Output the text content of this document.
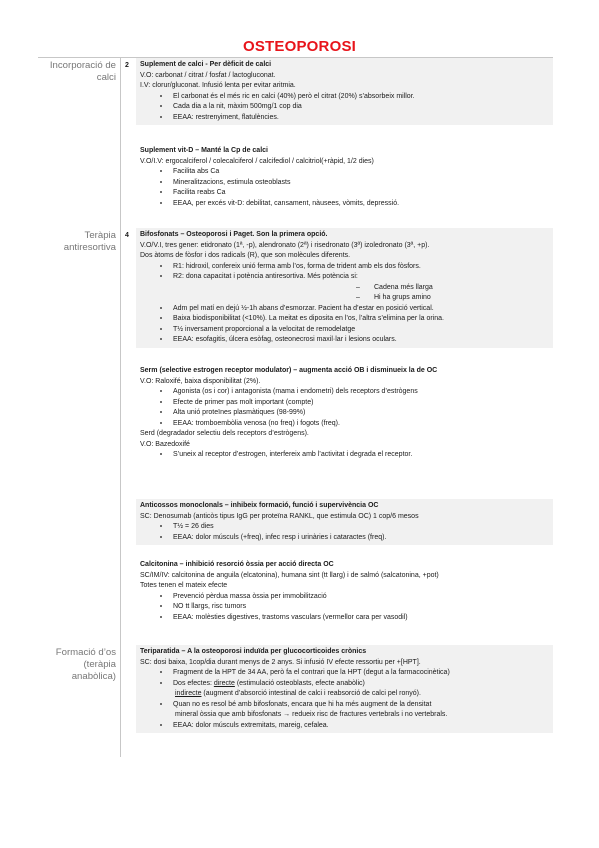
OSTEOPOROSI
Incorporació de calci
2 Suplement de calci - Per dèficit de calci
V.O: carbonat / citrat / fosfat / lactogluconat.
I.V: clorur/gluconat. Infusió lenta per evitar aritmia.
El carbonat és el més ric en calci (40%) però el citrat (20%) s’absorbeix millor.
Cada dia a la nit, màxim 500mg/1 cop dia
EEAA: restrenyiment, flatulències.
Suplement vit-D – Manté la Cp de calci
V.O/I.V: ergocalciferol / colecalciferol / calcifediol / calcitriol(+ràpid, 1/2 dies)
Facilita abs Ca
Mineralitzacions, estimula osteoblasts
Facilita reabs Ca
EEAA, per excés vit-D: debilitat, cansament, nàusees, vòmits, depressió.
Teràpia antiresortiva
4 Bifosfonats – Osteoporosi i Paget. Son la primera opció.
V.O/V.I, tres gener: etidronato (1ª, -p), alendronato (2ª) i risedronato (3ª) izoledronato (3ª, +p).
Dos àtoms de fòsfor i dos radicals (R), que son molècules diferents.
R1: hidroxil, confereix unió ferma amb l’os, forma de trident amb els dos fòsfors.
R2: dona capacitat i potència antiresortiva. Més potència si:
– Cadena més llarga
– Hi ha grups amino
Adm pel matí en dejú ½-1h abans d’esmorzar. Pacient ha d’estar en posició vertical.
Baixa biodisponibilitat (<10%). La meitat es diposita en l’os, l’altra s’elimina per la orina.
T½ inversament proporcional a la velocitat de remodelatge
EEAA: esofagitis, úlcera esòfag, osteonecrosi maxil·lar i lesions oculars.
Serm (selective estrogen receptor modulator) – augmenta acció OB i disminueix la de OC
V.O: Raloxifé, baixa disponibilitat (2%).
Agonista (os i cor) i antagonista (mama i endometri) dels receptors d’estrògens
Efecte de primer pas molt important (compte)
Alta unió proteïnes plasmàtiques (98-99%)
EEAA: tromboembòlia venosa (no freq) i fogots (freq).
Serd (degradador selectiu dels receptors d’estrògens).
V.O: Bazedoxifé
S’uneix al receptor d’estrogen, interfereix amb l’activitat i degrada el receptor.
Anticossos monoclonals – inhibeix formació, funció i supervivència OC
SC: Denosumab (anticòs tipus IgG per proteïna RANKL, que estimula OC) 1 cop/6 mesos
T½ = 26 dies
EEAA: dolor músculs (+freq), infec resp i urinàries i cataractes (freq).
Calcitonina – inhibició resorció òssia per acció directa OC
SC/IM/IV: calcitonina de anguila (elcatonina), humana sint (tt llarg) i de salmó (salcatonina, +pot)
Totes tenen el mateix efecte
Prevenció pèrdua massa òssia per immobilització
NO tt llargs, risc tumors
EEAA: molèsties digestives, trastorns vasculars (vermellor cara per vasodil)
Formació d’os (teràpia anabòlica)
Teriparatida – A la osteoporosi induïda per glucocorticoides crònics
SC: dosi baixa, 1cop/dia durant menys de 2 anys. Si infusió IV efecte ressortiu per +[HPT].
Fragment de la HPT de 34 AA, però fa el contrari que la HPT (degut a la farmacocinètica)
Dos efectes: directe (estimulació osteoblasts, efecte anabòlic)
indirecte (augment d’absorció intestinal de calci i reabsorció de calci pel ronyó).
Quan no es resol bé amb bifosfonats, encara que hi ha més augment de la densitat
mineral òssia que amb bifosfonats → redueix risc de fractures vertebrals i no vertebrals.
EEAA: dolor músculs extremitats, mareig, cefalea.
